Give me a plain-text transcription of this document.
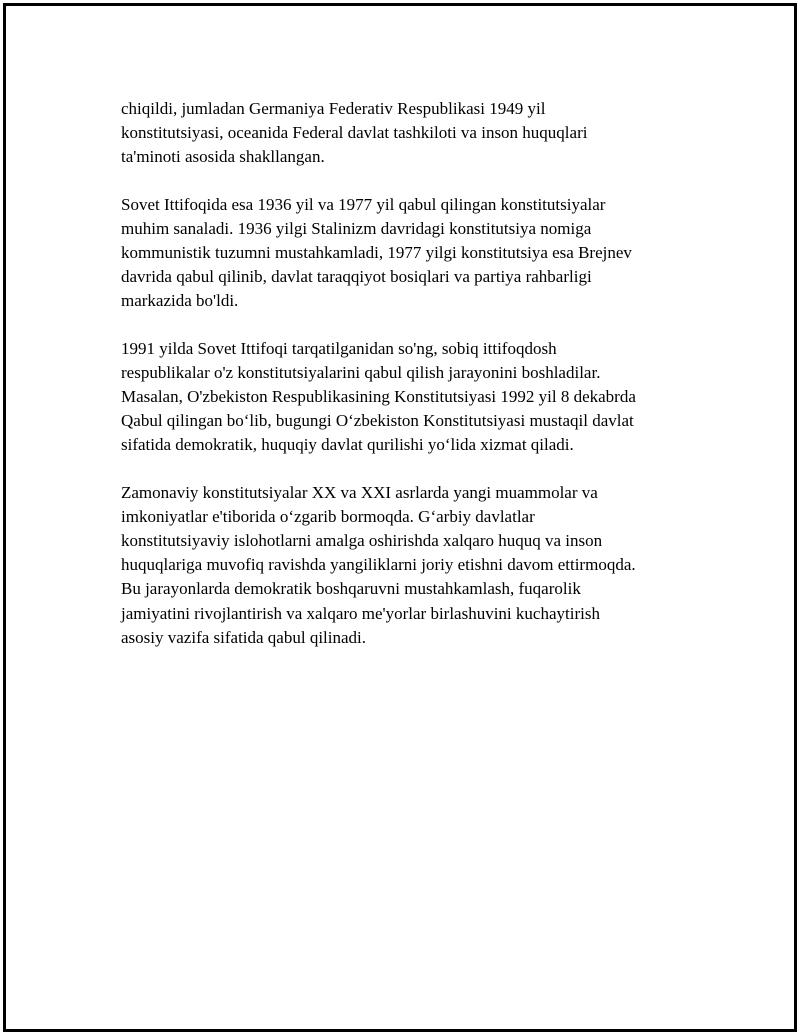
chiqildi, jumladan Germaniya Federativ Respublikasi 1949 yil
konstitutsiyasi, oceanida Federal davlat tashkiloti va inson huquqlari
ta'minoti asosida shakllangan.

Sovet Ittifoqida esa 1936 yil va 1977 yil qabul qilingan konstitutsiyalar
muhim sanaladi. 1936 yilgi Stalinizm davridagi konstitutsiya nomiga
kommunistik tuzumni mustahkamladi, 1977 yilgi konstitutsiya esa Brejnev
davrida qabul qilinib, davlat taraqqiyot bosiqlari va partiya rahbarligi
markazida bo'ldi.

1991 yilda Sovet Ittifoqi tarqatilganidan so'ng, sobiq ittifoqdosh
respublikalar o'z konstitutsiyalarini qabul qilish jarayonini boshladilar.
Masalan, O'zbekiston Respublikasining Konstitutsiyasi 1992 yil 8 dekabrda
Qabul qilingan bo‘lib, bugungi O‘zbekiston Konstitutsiyasi mustaqil davlat
sifatida demokratik, huquqiy davlat qurilishi yo‘lida xizmat qiladi.

Zamonaviy konstitutsiyalar XX va XXI asrlarda yangi muammolar va
imkoniyatlar e'tiborida o‘zgarib bormoqda. G‘arbiy davlatlar
konstitutsiyaviy islohotlarni amalga oshirishda xalqaro huquq va inson
huquqlariga muvofiq ravishda yangiliklarni joriy etishni davom ettirmoqda.
Bu jarayonlarda demokratik boshqaruvni mustahkamlash, fuqarolik
jamiyatini rivojlantirish va xalqaro me'yorlar birlashuvini kuchaytirish
asosiy vazifa sifatida qabul qilinadi.
